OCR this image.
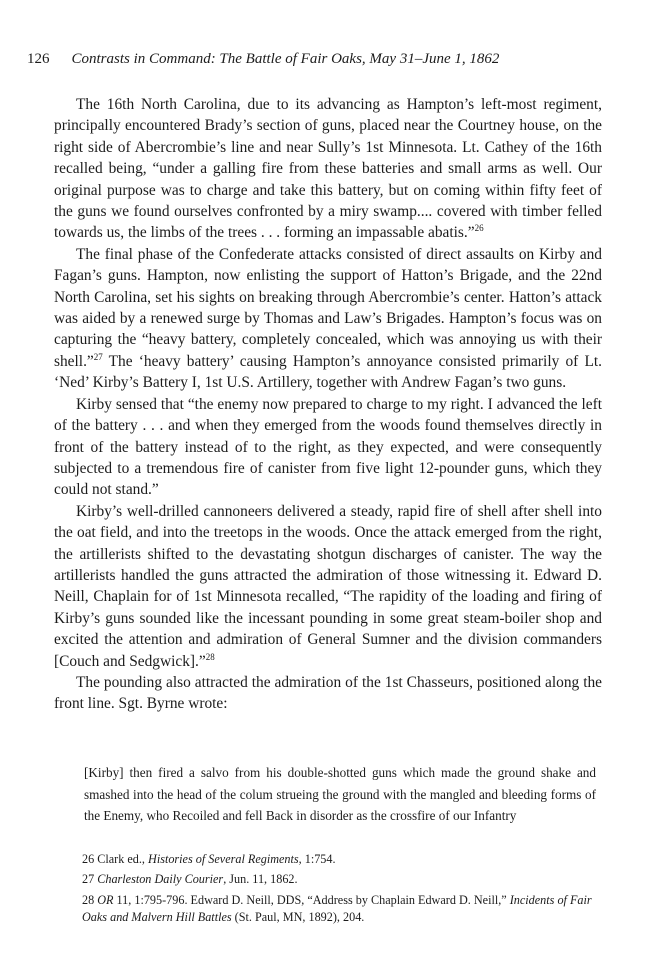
126 Contrasts in Command: The Battle of Fair Oaks, May 31–June 1, 1862

The 16th North Carolina, due to its advancing as Hampton’s left-most regiment, principally encountered Brady’s section of guns, placed near the Courtney house, on the right side of Abercrombie’s line and near Sully’s 1st Minnesota. Lt. Cathey of the 16th recalled being, “under a galling fire from these batteries and small arms as well. Our original purpose was to charge and take this battery, but on coming within fifty feet of the guns we found ourselves confronted by a miry swamp.... covered with timber felled towards us, the limbs of the trees . . . forming an impassable abatis.”$^{26}$

The final phase of the Confederate attacks consisted of direct assaults on Kirby and Fagan’s guns. Hampton, now enlisting the support of Hatton’s Brigade, and the 22nd North Carolina, set his sights on breaking through Abercrombie’s center. Hatton’s attack was aided by a renewed surge by Thomas and Law’s Brigades. Hampton’s focus was on capturing the “heavy battery, completely concealed, which was annoying us with their shell.”$^{27}$ The ‘heavy battery’ causing Hampton’s annoyance consisted primarily of Lt. ‘Ned’ Kirby’s Battery I, 1st U.S. Artillery, together with Andrew Fagan’s two guns.

Kirby sensed that “the enemy now prepared to charge to my right. I advanced the left of the battery . . . and when they emerged from the woods found themselves directly in front of the battery instead of to the right, as they expected, and were consequently subjected to a tremendous fire of canister from five light 12-pounder guns, which they could not stand.”

Kirby’s well-drilled cannoneers delivered a steady, rapid fire of shell after shell into the oat field, and into the treetops in the woods. Once the attack emerged from the right, the artillerists shifted to the devastating shotgun discharges of canister. The way the artillerists handled the guns attracted the admiration of those witnessing it. Edward D. Neill, Chaplain for of 1st Minnesota recalled, “The rapidity of the loading and firing of Kirby’s guns sounded like the incessant pounding in some great steam-boiler shop and excited the attention and admiration of General Sumner and the division commanders [Couch and Sedgwick].”$^{28}$

The pounding also attracted the admiration of the 1st Chasseurs, positioned along the front line. Sgt. Byrne wrote:

[Kirby] then fired a salvo from his double-shotted guns which made the ground shake and smashed into the head of the colum strueing the ground with the mangled and bleeding forms of the Enemy, who Recoiled and fell Back in disorder as the crossfire of our Infantry
26 Clark ed., Histories of Several Regiments, 1:754.
27 Charleston Daily Courier, Jun. 11, 1862.
28 OR 11, 1:795-796. Edward D. Neill, DDS, “Address by Chaplain Edward D. Neill,” Incidents of Fair Oaks and Malvern Hill Battles (St. Paul, MN, 1892), 204.
